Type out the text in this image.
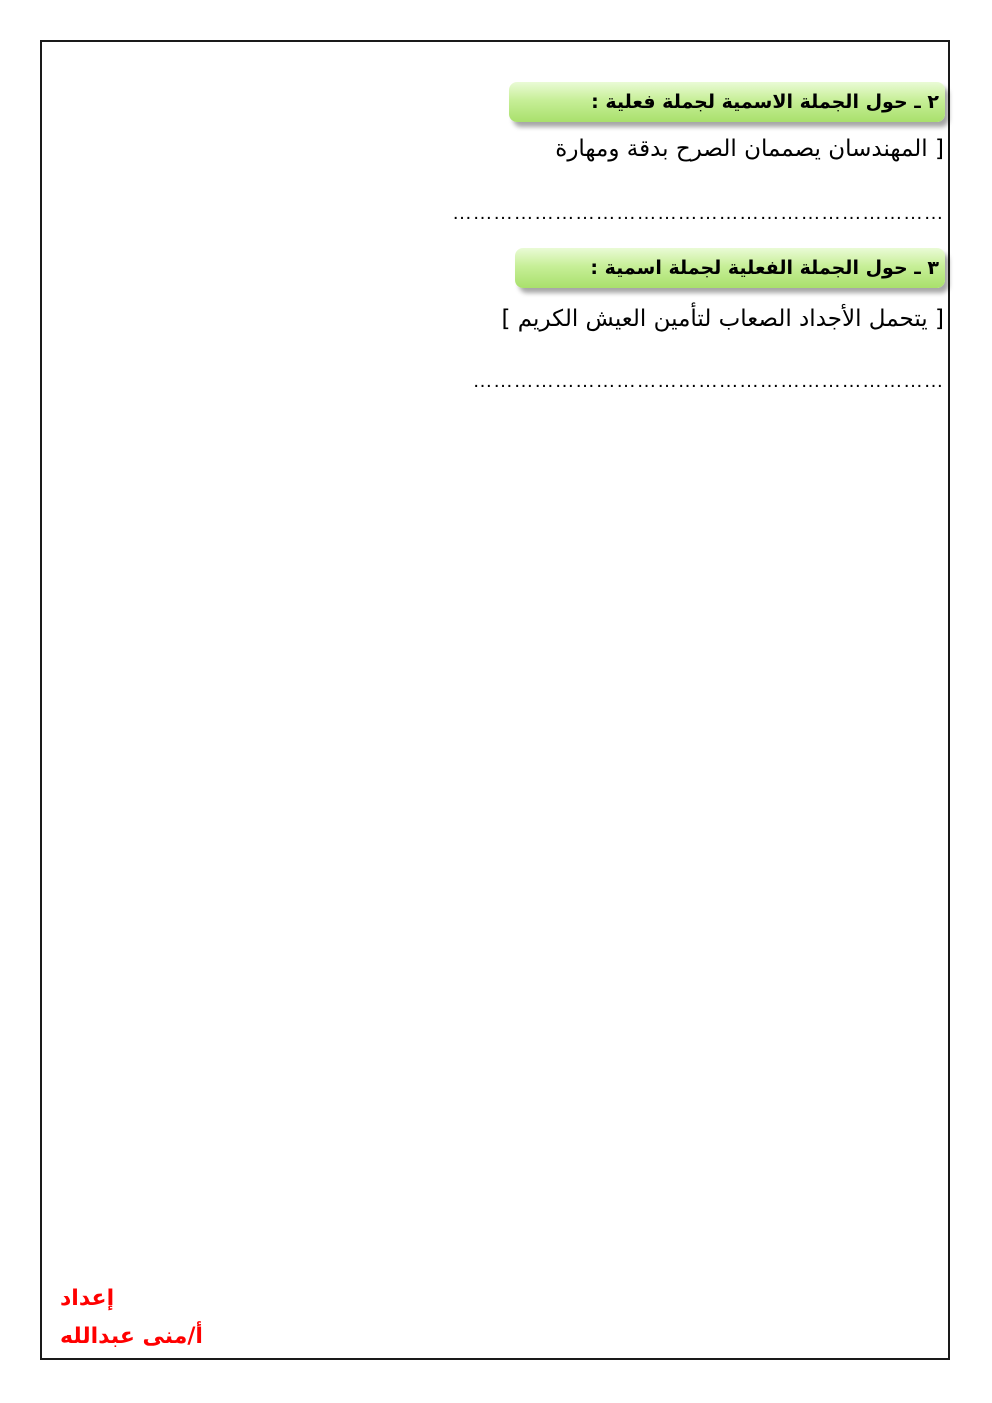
٢ ـ حول الجملة الاسمية لجملة فعلية :
[ المهندسان يصممان الصرح بدقة ومهارة
………………………………………………………………
٣ ـ حول الجملة الفعلية لجملة اسمية :
[ يتحمل الأجداد الصعاب لتأمين العيش الكريم ]
……………………………………………………………
إعداد
أ/منى عبدالله
